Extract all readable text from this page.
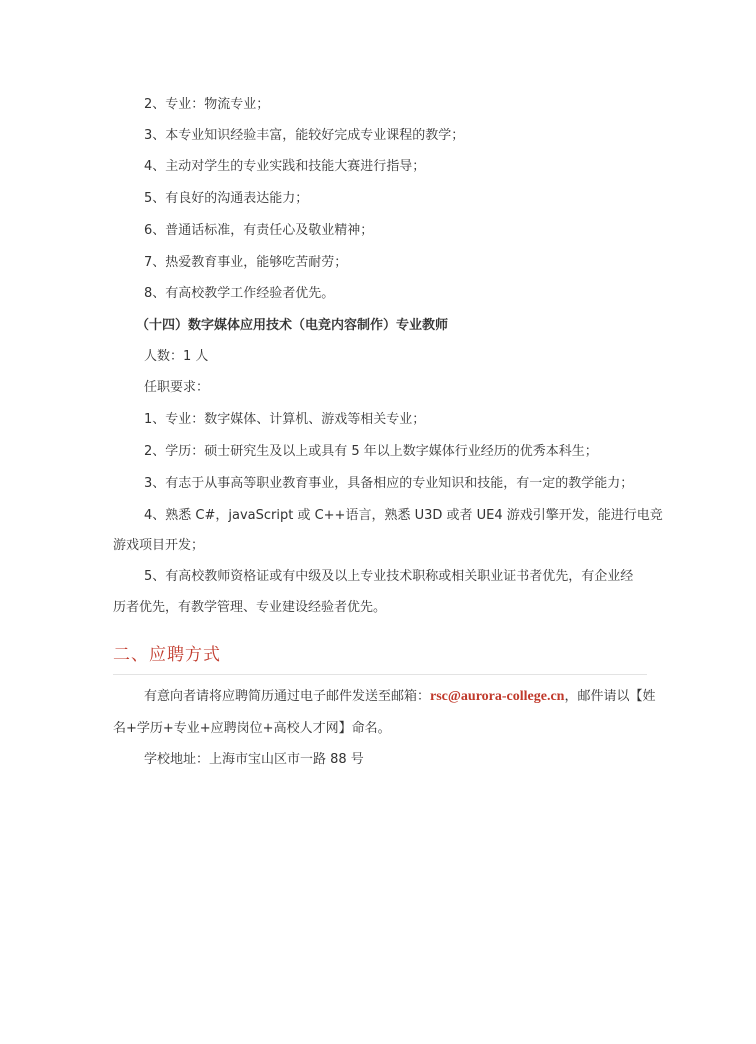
2、专业：物流专业；
3、本专业知识经验丰富，能较好完成专业课程的教学；
4、主动对学生的专业实践和技能大赛进行指导；
5、有良好的沟通表达能力；
6、普通话标准，有责任心及敬业精神；
7、热爱教育事业，能够吃苦耐劳；
8、有高校教学工作经验者优先。
（十四）数字媒体应用技术（电竞内容制作）专业教师
人数：1 人
任职要求：
1、专业：数字媒体、计算机、游戏等相关专业；
2、学历：硕士研究生及以上或具有 5 年以上数字媒体行业经历的优秀本科生；
3、有志于从事高等职业教育事业，具备相应的专业知识和技能，有一定的教学能力；
4、熟悉 C#，javaScript 或 C++语言，熟悉 U3D 或者 UE4 游戏引擎开发，能进行电竞
游戏项目开发；
5、有高校教师资格证或有中级及以上专业技术职称或相关职业证书者优先，有企业经
历者优先，有教学管理、专业建设经验者优先。
二、应聘方式
有意向者请将应聘简历通过电子邮件发送至邮箱：rsc@aurora-college.cn，邮件请以【姓
名+学历+专业+应聘岗位+高校人才网】命名。
学校地址：上海市宝山区市一路 88 号
